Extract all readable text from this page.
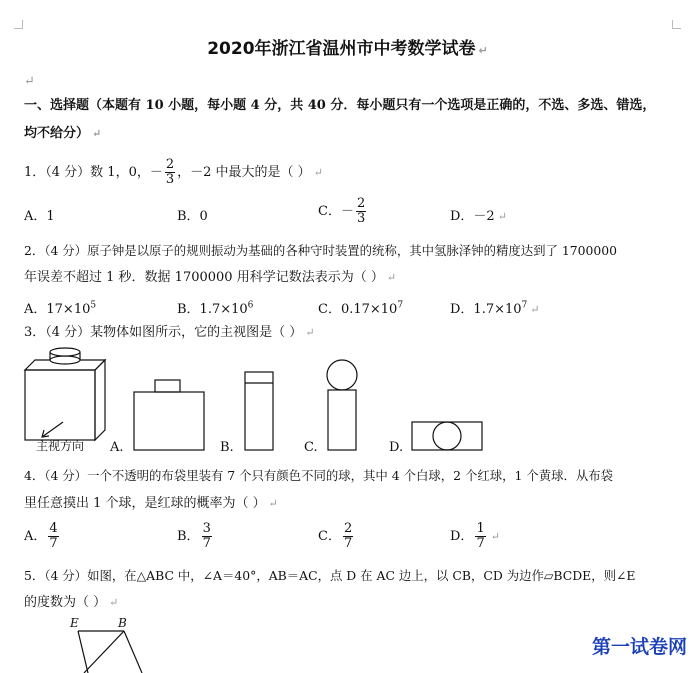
2020年浙江省温州市中考数学试卷 ↵
↵
一、选择题（本题有 10 小题，每小题 4 分，共 40 分．每小题只有一个选项是正确的，不选、多选、错选，
均不给分） ↵
1．（4 分）数 1，0，－ $\frac{2}{3}$ ，－2 中最大的是（ ） ↵
A．1	B．0	C．－ $\frac{2}{3}$	D．－2 ↵
2．（4 分）原子钟是以原子的规则振动为基础的各种守时装置的统称，其中氢脉泽钟的精度达到了 1700000
年误差不超过 1 秒．数据 1700000 用科学记数法表示为（ ） ↵
A．$17\times 10^5$	B．$1.7\times 10^6$	C．$0.17\times 10^7$	D．$1.7\times 10^7$ ↵
3．（4 分）某物体如图所示，它的主视图是（ ） ↵
主视方向 A.	B.	C.	D.
4．（4 分）一个不透明的布袋里装有 7 个只有颜色不同的球，其中 4 个白球，2 个红球，1 个黄球．从布袋
里任意摸出 1 个球，是红球的概率为（ ） ↵
A． $\frac{4}{7}$	B． $\frac{3}{7}$	C． $\frac{2}{7}$	D． $\frac{1}{7}$ ↵
5．（4 分）如图，在△ABC 中，∠A＝40°，AB＝AC，点 D 在 AC 边上，以 CB，CD 为边作▱BCDE，则∠E
的度数为（ ） ↵
E	B
第一试卷网
